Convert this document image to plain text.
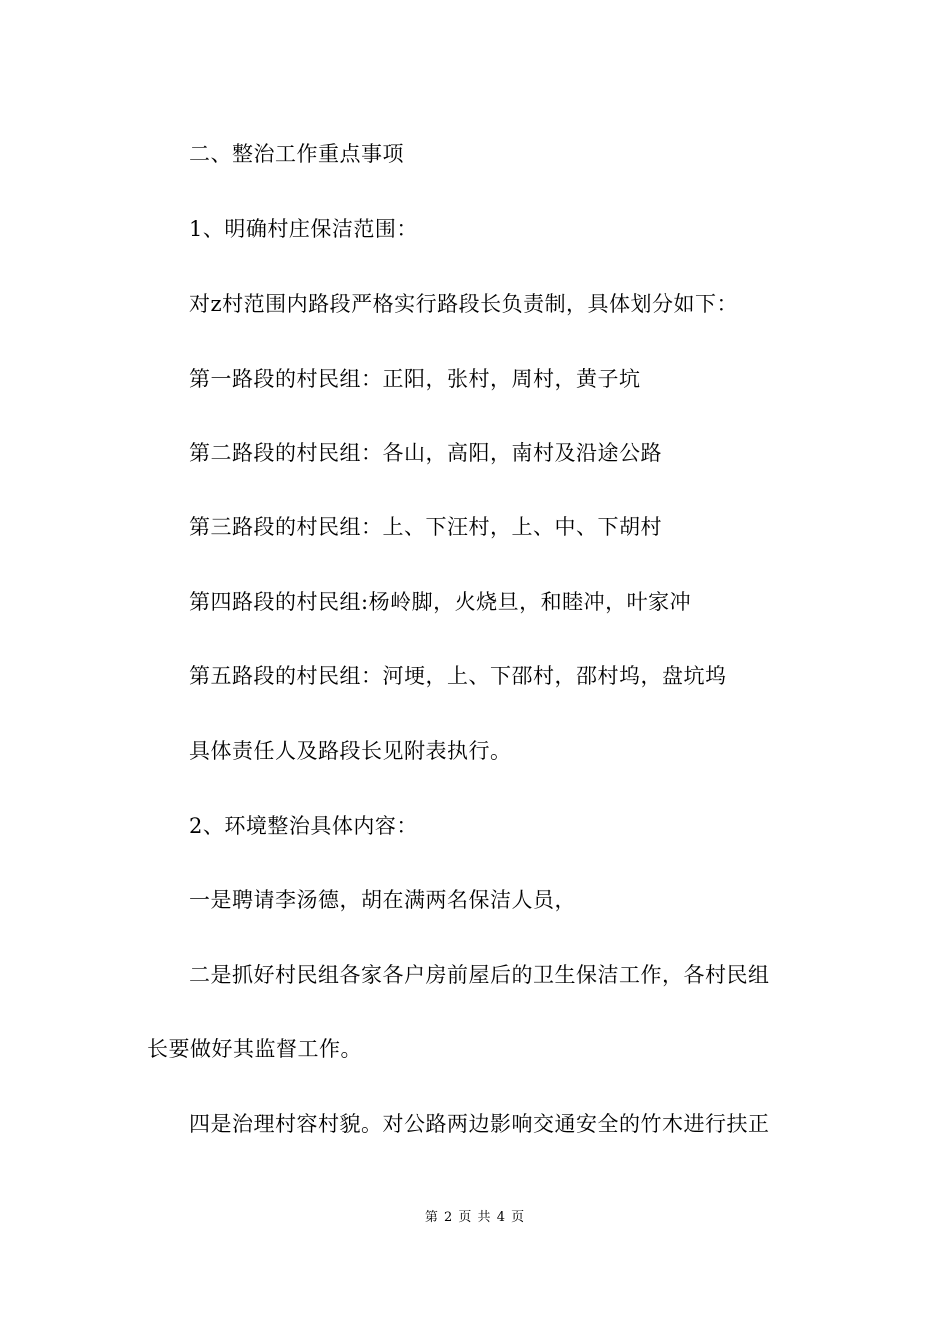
二、整治工作重点事项
1、明确村庄保洁范围：
对z村范围内路段严格实行路段长负责制，具体划分如下：
第一路段的村民组：正阳，张村，周村，黄子坑
第二路段的村民组：各山，高阳，南村及沿途公路
第三路段的村民组：上、下汪村，上、中、下胡村
第四路段的村民组:杨岭脚，火烧旦，和睦冲，叶家冲
第五路段的村民组：河埂，上、下邵村，邵村坞，盘坑坞
具体责任人及路段长见附表执行。
2、环境整治具体内容：
一是聘请李汤德，胡在满两名保洁人员，
二是抓好村民组各家各户房前屋后的卫生保洁工作，各村民组
长要做好其监督工作。
四是治理村容村貌。对公路两边影响交通安全的竹木进行扶正
第 2 页 共 4 页
